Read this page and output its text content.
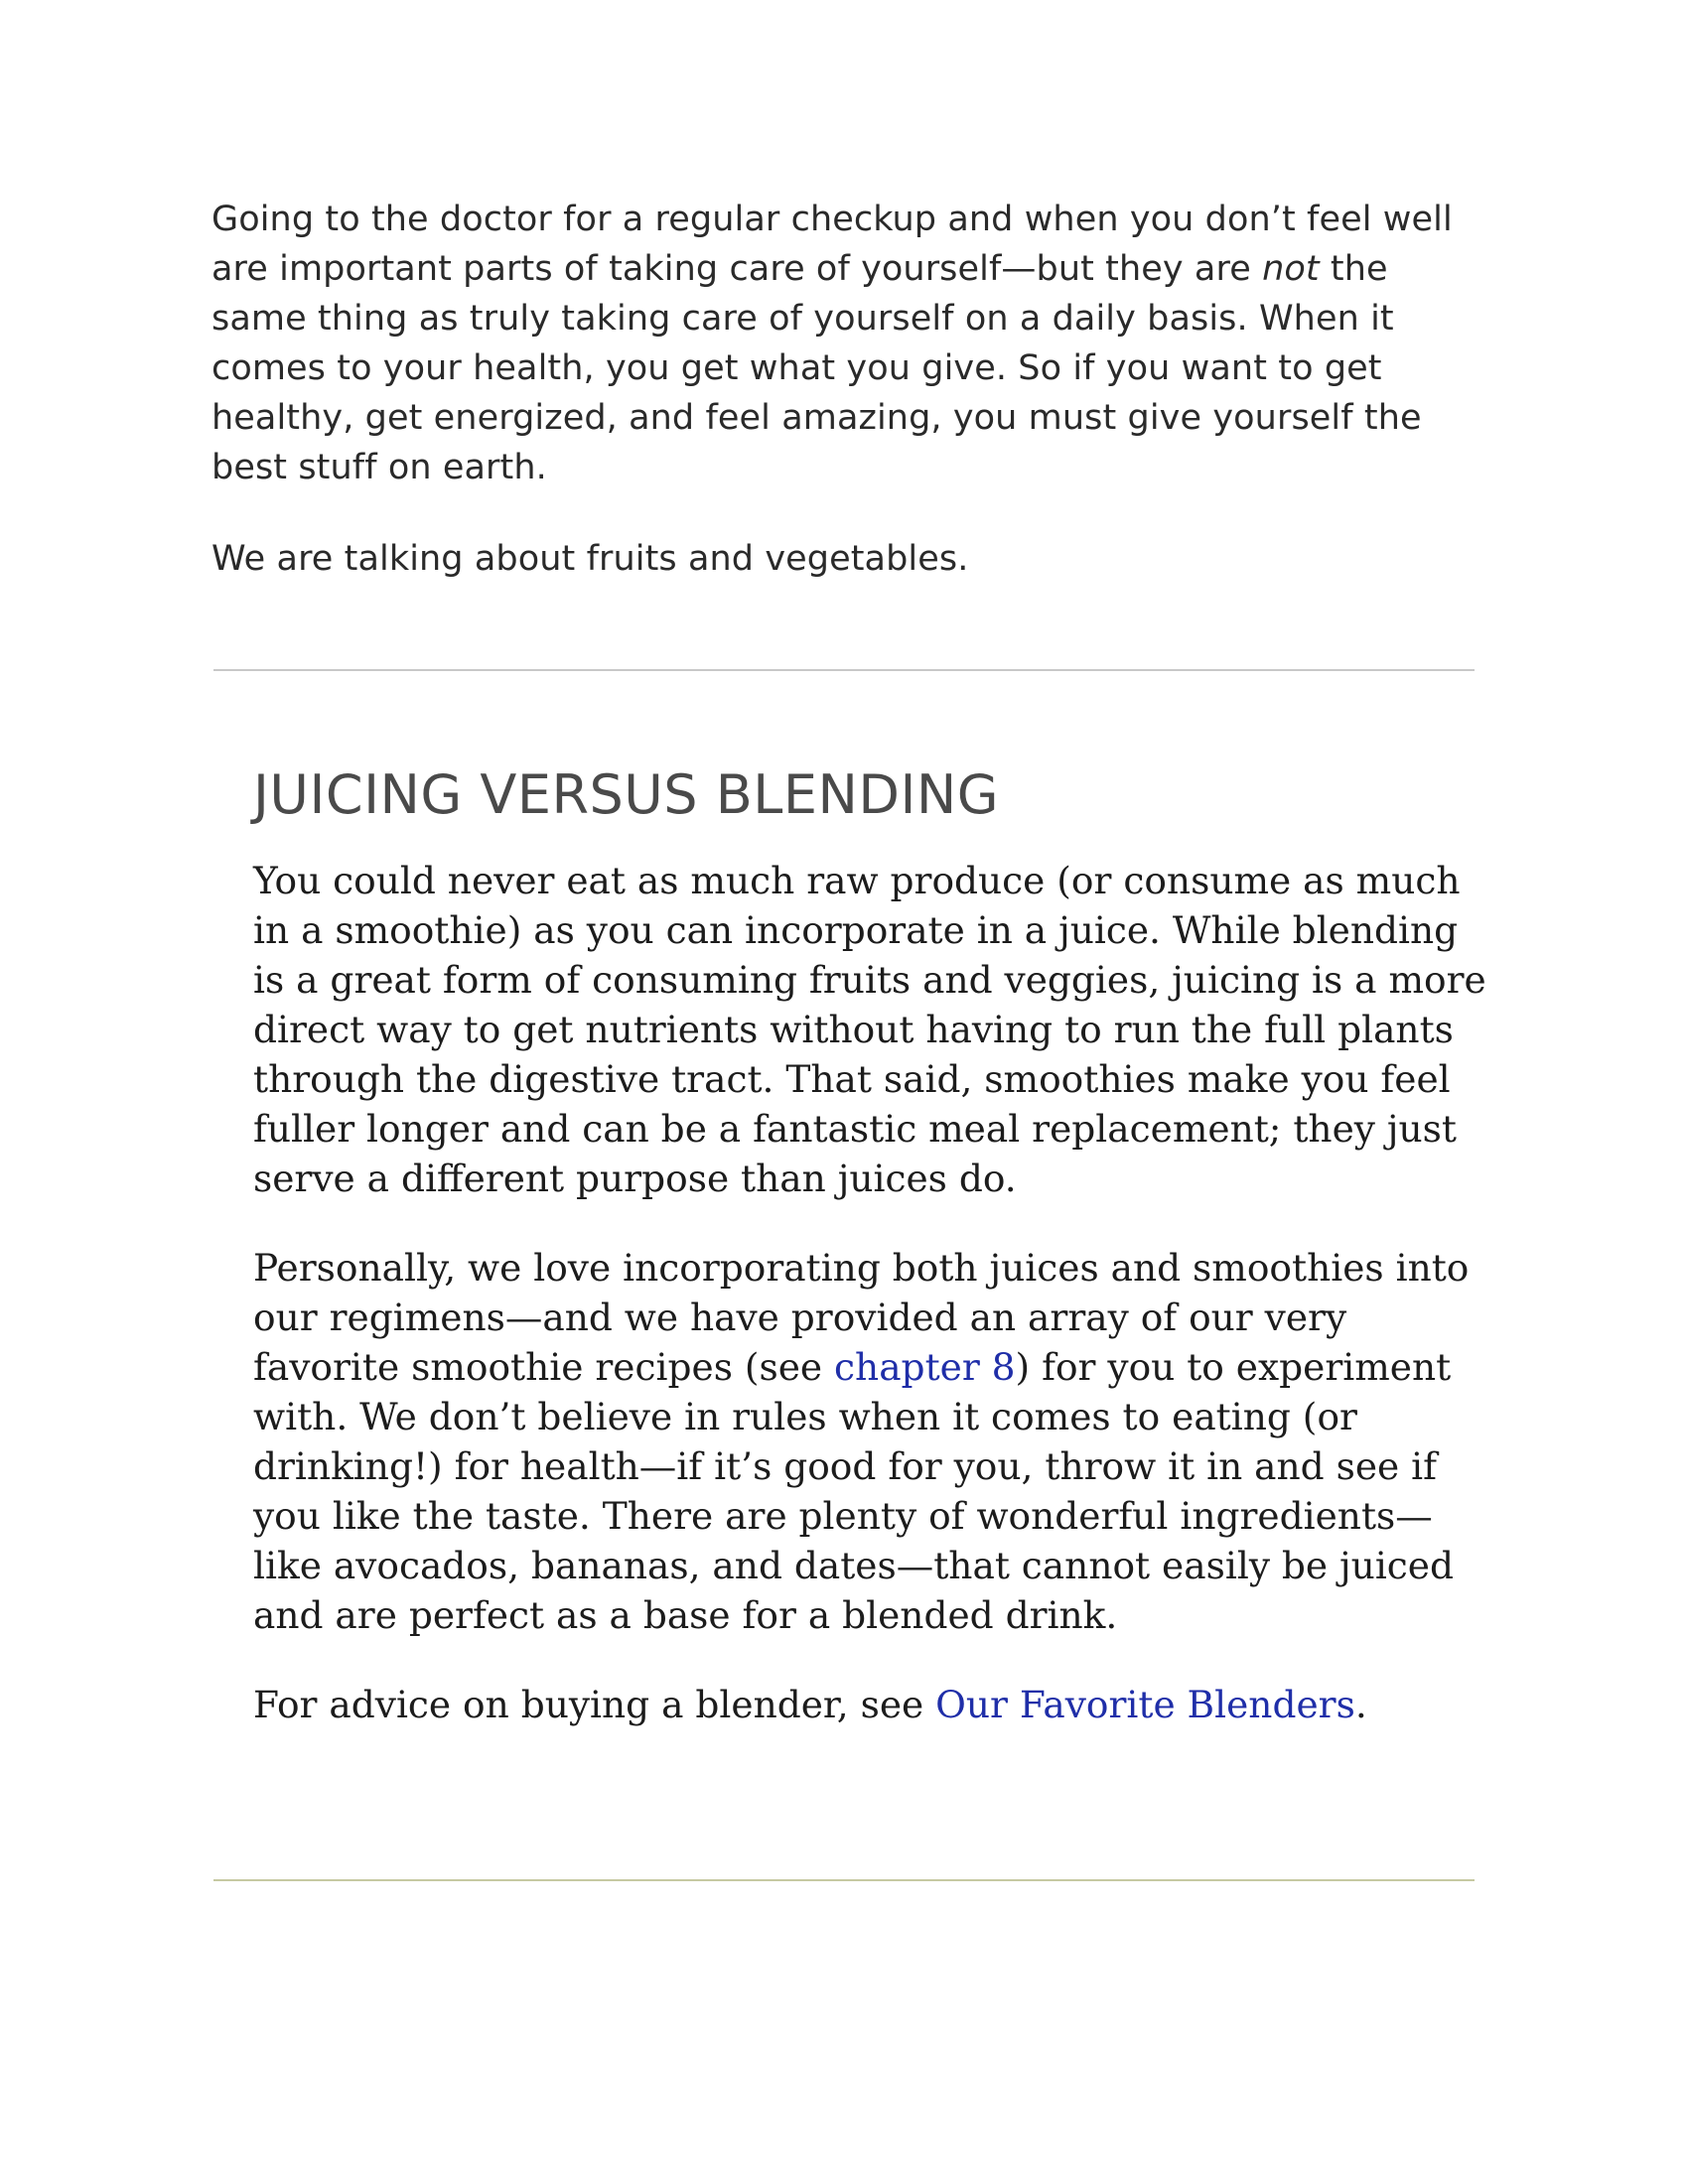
Going to the doctor for a regular checkup and when you don’t feel well are important parts of taking care of yourself—but they are not the same thing as truly taking care of yourself on a daily basis. When it comes to your health, you get what you give. So if you want to get healthy, get energized, and feel amazing, you must give yourself the best stuff on earth.

We are talking about fruits and vegetables.

JUICING VERSUS BLENDING

You could never eat as much raw produce (or consume as much in a smoothie) as you can incorporate in a juice. While blending is a great form of consuming fruits and veggies, juicing is a more direct way to get nutrients without having to run the full plants through the digestive tract. That said, smoothies make you feel fuller longer and can be a fantastic meal replacement; they just serve a different purpose than juices do.

Personally, we love incorporating both juices and smoothies into our regimens—and we have provided an array of our very favorite smoothie recipes (see chapter 8) for you to experiment with. We don’t believe in rules when it comes to eating (or drinking!) for health—if it’s good for you, throw it in and see if you like the taste. There are plenty of wonderful ingredients—like avocados, bananas, and dates—that cannot easily be juiced and are perfect as a base for a blended drink.

For advice on buying a blender, see Our Favorite Blenders.
